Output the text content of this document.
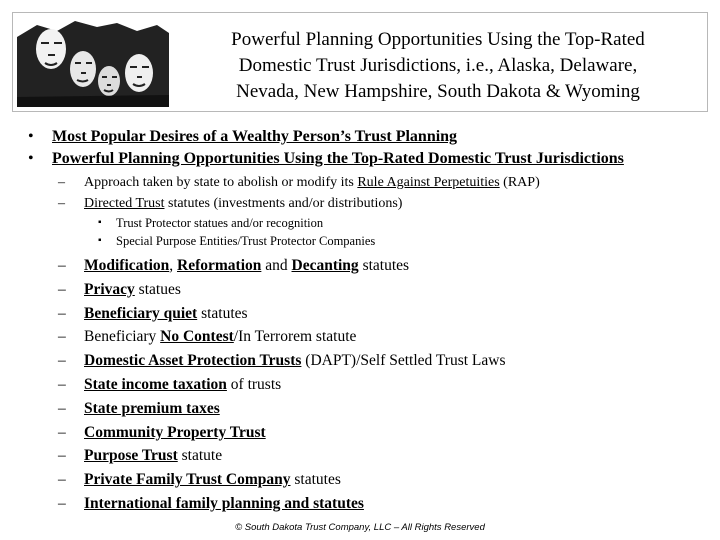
Powerful Planning Opportunities Using the Top-Rated
Domestic Trust Jurisdictions, i.e., Alaska, Delaware,
Nevada, New Hampshire, South Dakota & Wyoming
• Most Popular Desires of a Wealthy Person’s Trust Planning
• Powerful Planning Opportunities Using the Top-Rated Domestic Trust Jurisdictions
– Approach taken by state to abolish or modify its Rule Against Perpetuities (RAP)
– Directed Trust statutes (investments and/or distributions)
▪ Trust Protector statues and/or recognition
▪ Special Purpose Entities/Trust Protector Companies
– Modification, Reformation and Decanting statutes
– Privacy statues
– Beneficiary quiet statutes
– Beneficiary No Contest/In Terrorem statute
– Domestic Asset Protection Trusts (DAPT)/Self Settled Trust Laws
– State income taxation of trusts
– State premium taxes
– Community Property Trust
– Purpose Trust statute
– Private Family Trust Company statutes
– International family planning and statutes
© South Dakota Trust Company, LLC – All Rights Reserved
